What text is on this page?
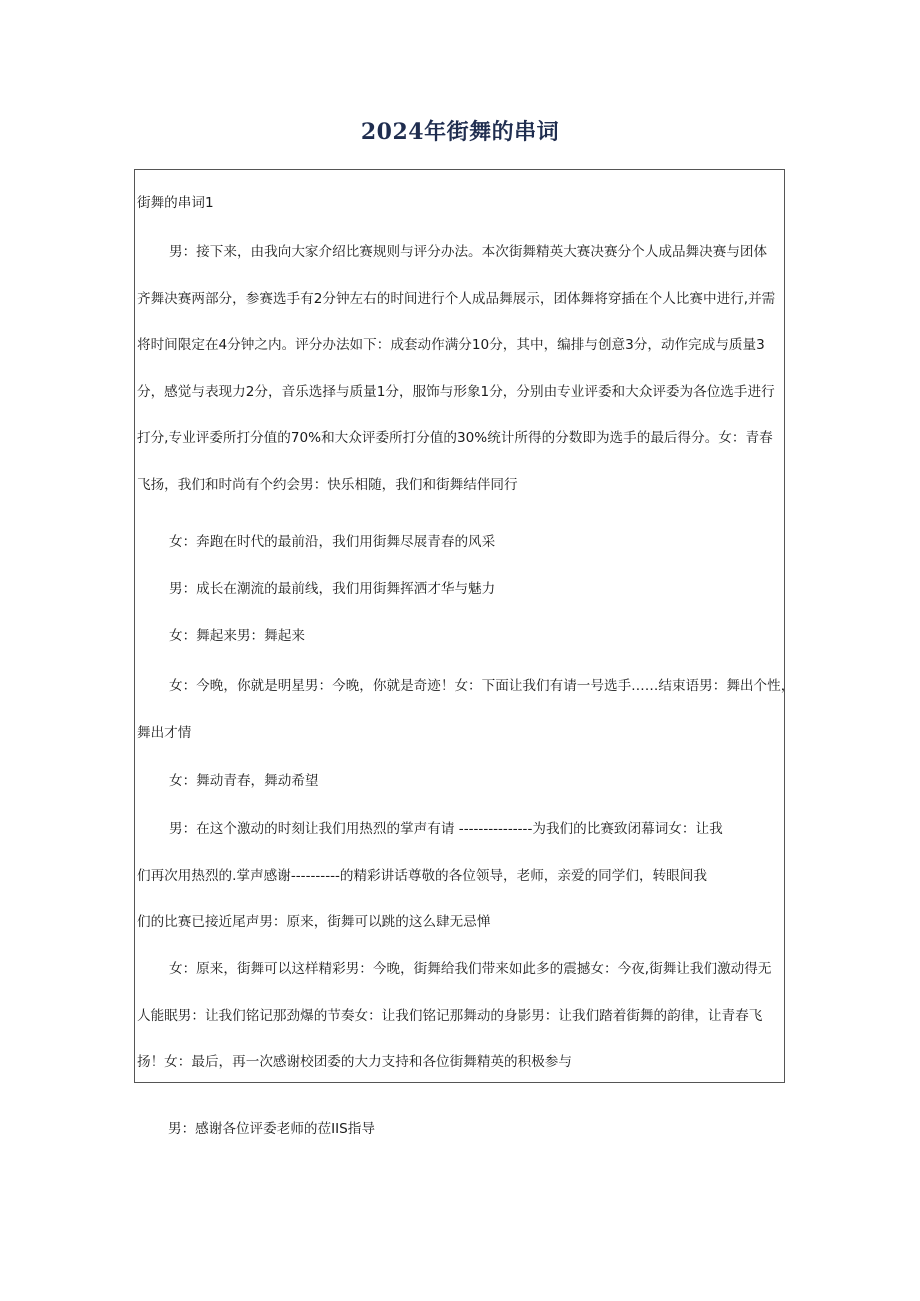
2024年街舞的串词

街舞的串词1

男：接下来，由我向大家介绍比赛规则与评分办法。本次街舞精英大赛决赛分个人成品舞决赛与团体
齐舞决赛两部分，参赛选手有2分钟左右的时间进行个人成品舞展示，团体舞将穿插在个人比赛中进行,并需
将时间限定在4分钟之内。评分办法如下：成套动作满分10分，其中，编排与创意3分，动作完成与质量3
分，感觉与表现力2分，音乐选择与质量1分，服饰与形象1分，分别由专业评委和大众评委为各位选手进行
打分,专业评委所打分值的70%和大众评委所打分值的30%统计所得的分数即为选手的最后得分。女：青春
飞扬，我们和时尚有个约会男：快乐相随，我们和街舞结伴同行

女：奔跑在时代的最前沿，我们用街舞尽展青春的风采

男：成长在潮流的最前线，我们用街舞挥洒才华与魅力

女：舞起来男：舞起来

女：今晚，你就是明星男：今晚，你就是奇迹！女：下面让我们有请一号选手……结束语男：舞出个性，
舞出才情

女：舞动青春，舞动希望

男：在这个激动的时刻让我们用热烈的掌声有请 ---------------为我们的比赛致闭幕词女：让我
们再次用热烈的.掌声感谢----------的精彩讲话尊敬的各位领导，老师，亲爱的同学们，转眼间我
们的比赛已接近尾声男：原来，街舞可以跳的这么肆无忌惮

女：原来，街舞可以这样精彩男：今晚，街舞给我们带来如此多的震撼女：今夜,街舞让我们激动得无
人能眠男：让我们铭记那劲爆的节奏女：让我们铭记那舞动的身影男：让我们踏着街舞的韵律，让青春飞
扬！女：最后，再一次感谢校团委的大力支持和各位街舞精英的积极参与

男：感谢各位评委老师的莅IIS指导
